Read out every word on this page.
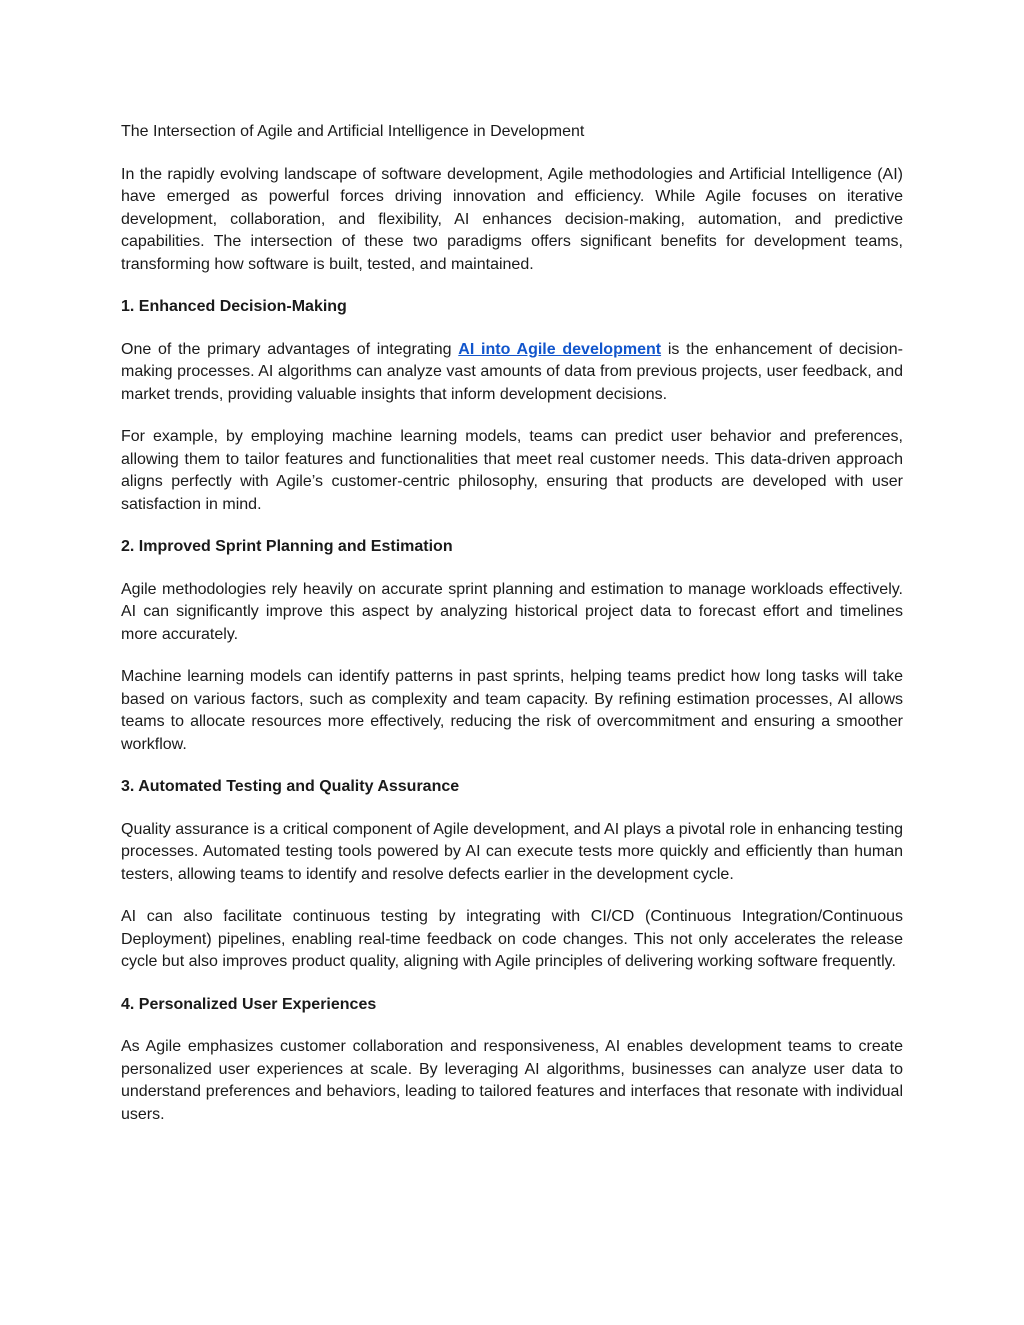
The Intersection of Agile and Artificial Intelligence in Development

In the rapidly evolving landscape of software development, Agile methodologies and Artificial Intelligence (AI) have emerged as powerful forces driving innovation and efficiency. While Agile focuses on iterative development, collaboration, and flexibility, AI enhances decision-making, automation, and predictive capabilities. The intersection of these two paradigms offers significant benefits for development teams, transforming how software is built, tested, and maintained.

1. Enhanced Decision-Making

One of the primary advantages of integrating AI into Agile development is the enhancement of decision-making processes. AI algorithms can analyze vast amounts of data from previous projects, user feedback, and market trends, providing valuable insights that inform development decisions.

For example, by employing machine learning models, teams can predict user behavior and preferences, allowing them to tailor features and functionalities that meet real customer needs. This data-driven approach aligns perfectly with Agile’s customer-centric philosophy, ensuring that products are developed with user satisfaction in mind.

2. Improved Sprint Planning and Estimation

Agile methodologies rely heavily on accurate sprint planning and estimation to manage workloads effectively. AI can significantly improve this aspect by analyzing historical project data to forecast effort and timelines more accurately.

Machine learning models can identify patterns in past sprints, helping teams predict how long tasks will take based on various factors, such as complexity and team capacity. By refining estimation processes, AI allows teams to allocate resources more effectively, reducing the risk of overcommitment and ensuring a smoother workflow.

3. Automated Testing and Quality Assurance

Quality assurance is a critical component of Agile development, and AI plays a pivotal role in enhancing testing processes. Automated testing tools powered by AI can execute tests more quickly and efficiently than human testers, allowing teams to identify and resolve defects earlier in the development cycle.

AI can also facilitate continuous testing by integrating with CI/CD (Continuous Integration/Continuous Deployment) pipelines, enabling real-time feedback on code changes. This not only accelerates the release cycle but also improves product quality, aligning with Agile principles of delivering working software frequently.

4. Personalized User Experiences

As Agile emphasizes customer collaboration and responsiveness, AI enables development teams to create personalized user experiences at scale. By leveraging AI algorithms, businesses can analyze user data to understand preferences and behaviors, leading to tailored features and interfaces that resonate with individual users.
